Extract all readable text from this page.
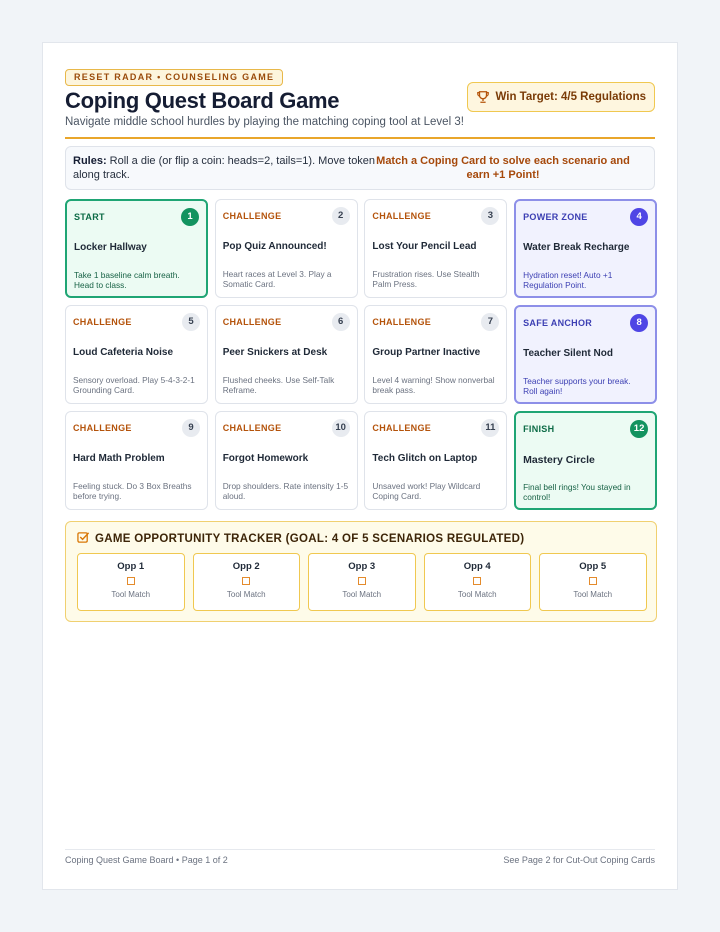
RESET RADAR • COUNSELING GAME
Coping Quest Board Game
Navigate middle school hurdles by playing the matching coping tool at Level 3!
Win Target: 4/5 Regulations
Rules: Roll a die (or flip a coin: heads=2, tails=1). Move token along track.
Match a Coping Card to solve each scenario and earn +1 Point!
START	1
Locker Hallway
Take 1 baseline calm breath. Head to class.
CHALLENGE	2
Pop Quiz Announced!
Heart races at Level 3. Play a Somatic Card.
CHALLENGE	3
Lost Your Pencil Lead
Frustration rises. Use Stealth Palm Press.
POWER ZONE	4
Water Break Recharge
Hydration reset! Auto +1 Regulation Point.
CHALLENGE	5
Loud Cafeteria Noise
Sensory overload. Play 5-4-3-2-1 Grounding Card.
CHALLENGE	6
Peer Snickers at Desk
Flushed cheeks. Use Self-Talk Reframe.
CHALLENGE	7
Group Partner Inactive
Level 4 warning! Show nonverbal break pass.
SAFE ANCHOR	8
Teacher Silent Nod
Teacher supports your break. Roll again!
CHALLENGE	9
Hard Math Problem
Feeling stuck. Do 3 Box Breaths before trying.
CHALLENGE	10
Forgot Homework
Drop shoulders. Rate intensity 1-5 aloud.
CHALLENGE	11
Tech Glitch on Laptop
Unsaved work! Play Wildcard Coping Card.
FINISH	12
Mastery Circle
Final bell rings! You stayed in control!
GAME OPPORTUNITY TRACKER (GOAL: 4 OF 5 SCENARIOS REGULATED)
Opp 1
Tool Match
Opp 2
Tool Match
Opp 3
Tool Match
Opp 4
Tool Match
Opp 5
Tool Match
Coping Quest Game Board • Page 1 of 2	See Page 2 for Cut-Out Coping Cards
